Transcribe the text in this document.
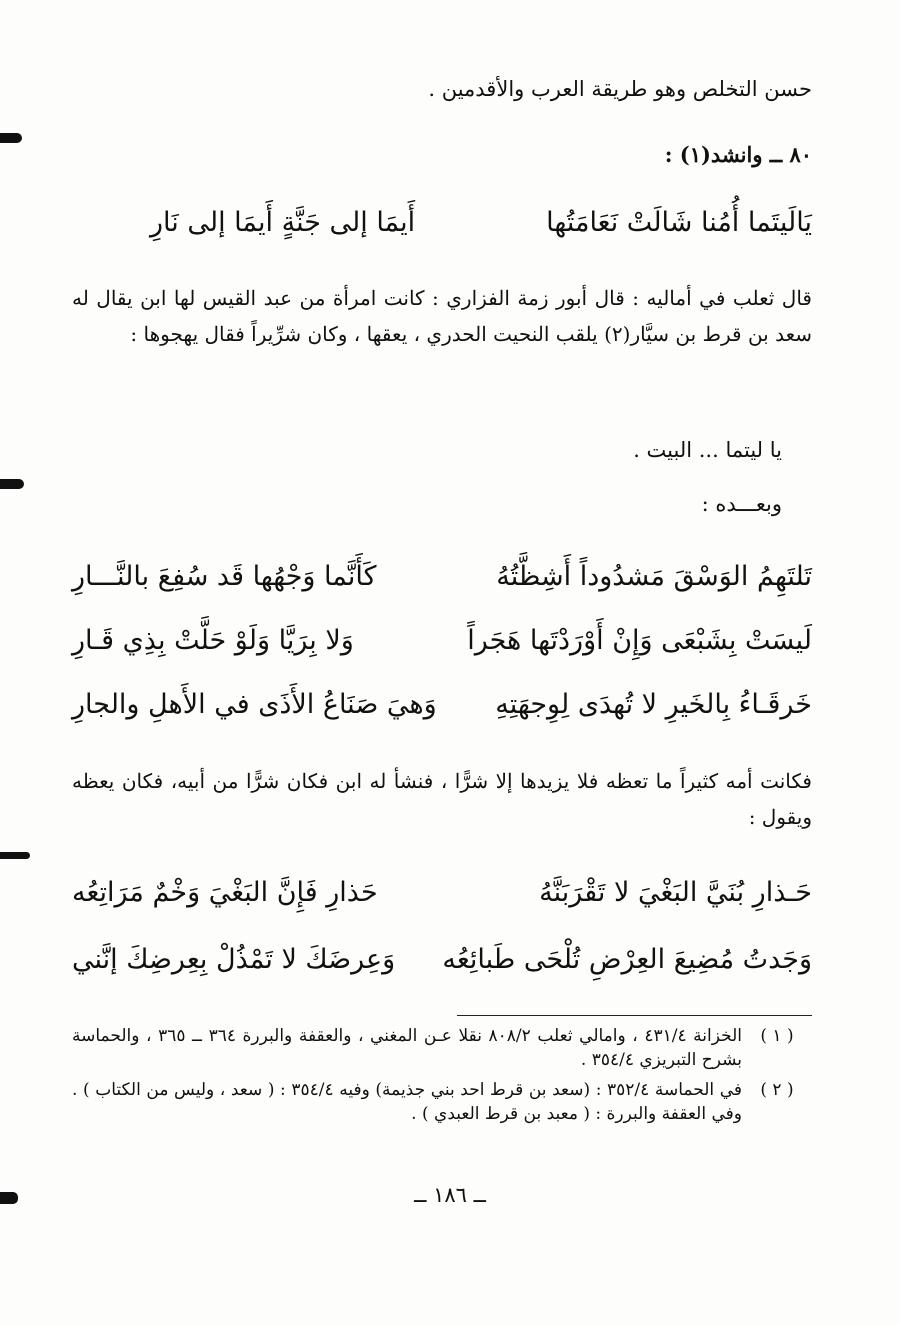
حسن التخلص وهو طريقة العرب والأقدمين .
٨٠ ــ وانشد(١) :
يَالَيتَما أُمُنا شَالَتْ نَعَامَتُها
أَيمَا إلى جَنَّةٍ أَيمَا إلى نَارِ
قال ثعلب في أماليه : قال أبور زمة الفزاري : كانت امرأة من عبد القيس لها ابن يقال له سعد بن قرط بن سيَّار(٢) يلقب النحيت الحدري ، يعقها ، وكان شرِّيراً فقال يهجوها :
يا ليتما ... البيت .
وبعـــده :
تَلتَهِمُ الوَسْقَ مَشدُوداً أَشِظَّتُهُ
كَأَنَّما وَجْهُها قَد سُفِعَ بالنَّـــارِ
لَيسَتْ بِشَبْعَى وَإِنْ أَوْرَدْتَها هَجَراً
وَلا بِرَيَّا وَلَوْ حَلَّتْ بِذِي قَـارِ
خَرقَـاءُ بِالخَيرِ لا تُهدَى لِوِجهَتِهِ
وَهيَ صَنَاعُ الأَذَى في الأَهلِ والجارِ
فكانت أمه كثيراً ما تعظه فلا يزيدها إلا شرًّا ، فنشأ له ابن فكان شرًّا من أبيه، فكان يعظه ويقول :
حَـذارِ بُنَيَّ البَغْيَ لا تَقْرَبَنَّهُ
حَذارِ فَإِنَّ البَغْيَ وَخْمٌ مَرَاتِعُه
وَجَدتُ مُضِيعَ العِرْضِ تُلْحَى طَبائِعُه
وَعِرضَكَ لا تَمْذُلْ بِعِرضِكَ إنَّني
( ١ )
الخزانة ٤٣١/٤ ، وامالي ثعلب ٨٠٨/٢ نقلا عـن المغني ، والعقفة والبررة ٣٦٤ ــ ٣٦٥ ، والحماسة بشرح التبريزي ٣٥٤/٤ .
( ٢ )
في الحماسة ٣٥٢/٤ : (سعد بن قرط احد بني جذيمة) وفيه ٣٥٤/٤ : ( سعد ، وليس من الكتاب ) . وفي العقفة والبررة : ( معبد بن قرط العبدي ) .
ــ ١٨٦ ــ
